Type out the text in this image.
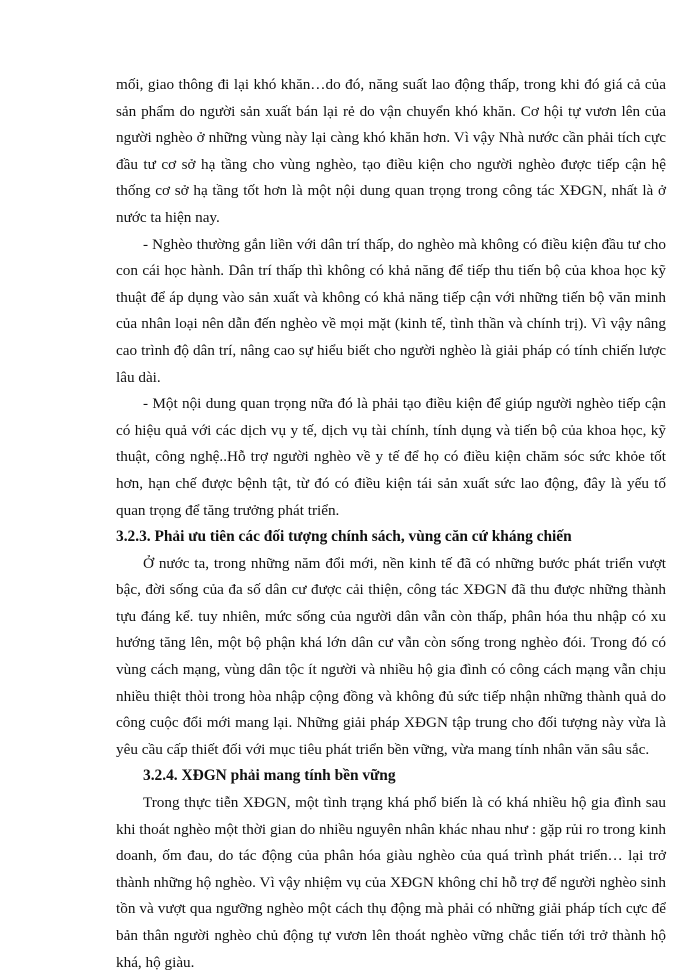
mối, giao thông đi lại khó khăn…do đó, năng suất lao động thấp, trong khi đó giá cả của sản phẩm do người sản xuất bán lại rẻ do vận chuyển khó khăn. Cơ hội tự vươn lên của người nghèo ở những vùng này lại càng khó khăn hơn. Vì vậy Nhà nước cần phải tích cực đầu tư cơ sở hạ tầng cho vùng nghèo, tạo điều kiện cho người nghèo được tiếp cận hệ thống cơ sở hạ tầng tốt hơn là một nội dung quan trọng trong công tác XĐGN, nhất là ở nước ta hiện nay.

- Nghèo thường gắn liền với dân trí thấp, do nghèo mà không có điều kiện đầu tư cho con cái học hành. Dân trí thấp thì không có khả năng để tiếp thu tiến bộ của khoa học kỹ thuật để áp dụng vào sản xuất và không có khả năng tiếp cận với những tiến bộ văn minh của nhân loại nên dẫn đến nghèo về mọi mặt (kinh tế, tình thần và chính trị). Vì vậy nâng cao trình độ dân trí, nâng cao sự hiểu biết cho người nghèo là giải pháp có tính chiến lược lâu dài.

- Một nội dung quan trọng nữa đó là phải tạo điều kiện để giúp người nghèo tiếp cận có hiệu quả với các dịch vụ y tế, dịch vụ tài chính, tính dụng và tiến bộ của khoa học, kỹ thuật, công nghệ..Hỗ trợ người nghèo về y tế để họ có điều kiện chăm sóc sức khỏe tốt hơn, hạn chế được bệnh tật, từ đó có điều kiện tái sản xuất sức lao động, đây là yếu tố quan trọng để tăng trưởng phát triển.

3.2.3. Phải ưu tiên các đối tượng chính sách, vùng căn cứ kháng chiến

Ở nước ta, trong những năm đổi mới, nền kinh tế đã có những bước phát triển vượt bậc, đời sống của đa số dân cư được cải thiện, công tác XĐGN đã thu được những thành tựu đáng kể. tuy nhiên, mức sống của người dân vẫn còn thấp, phân hóa thu nhập có xu hướng tăng lên, một bộ phận khá lớn dân cư vẫn còn sống trong nghèo đói. Trong đó có vùng cách mạng, vùng dân tộc ít người và nhiều hộ gia đình có công cách mạng vẫn chịu nhiều thiệt thòi trong hòa nhập cộng đồng và không đủ sức tiếp nhận những thành quả do công cuộc đổi mới mang lại. Những giải pháp XĐGN tập trung cho đối tượng này vừa là yêu cầu cấp thiết đối với mục tiêu phát triển bền vững, vừa mang tính nhân văn sâu sắc.

3.2.4. XĐGN phải mang tính bền vững

Trong thực tiễn XĐGN, một tình trạng khá phổ biến là có khá nhiều hộ gia đình sau khi thoát nghèo một thời gian do nhiều nguyên nhân khác nhau như : gặp rủi ro trong kinh doanh, ốm đau, do tác động của phân hóa giàu nghèo của quá trình phát triển… lại trở thành những hộ nghèo. Vì vậy nhiệm vụ của XĐGN không chỉ hỗ trợ để người nghèo sinh tồn và vượt qua ngưỡng nghèo một cách thụ động mà phải có những giải pháp tích cực để bản thân người nghèo chủ động tự vươn lên thoát nghèo vững chắc tiến tới trở thành hộ khá, hộ giàu.
